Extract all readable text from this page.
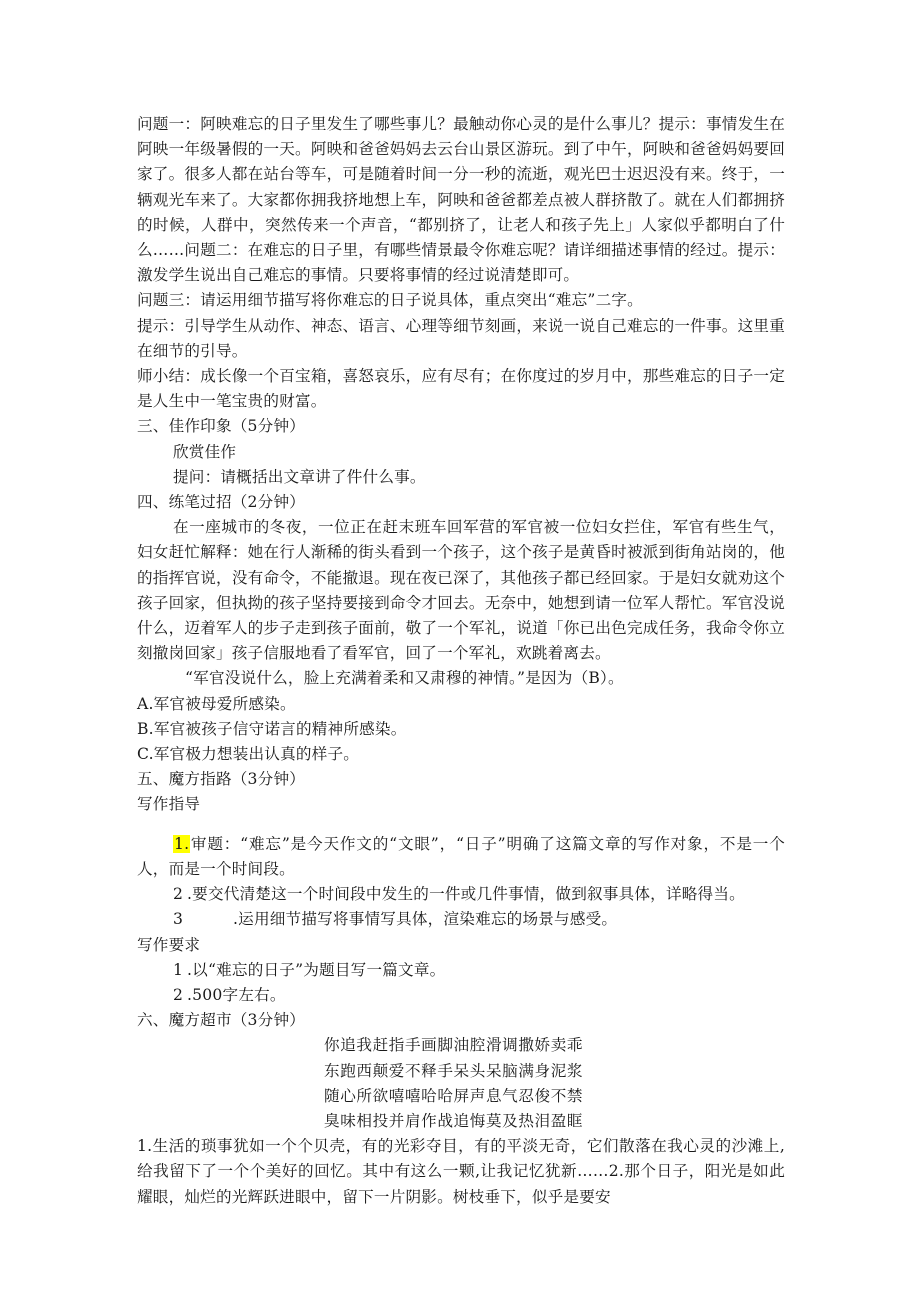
问题一：阿映难忘的日子里发生了哪些事儿？最触动你心灵的是什么事儿？提示：事情发生在阿映一年级暑假的一天。阿映和爸爸妈妈去云台山景区游玩。到了中午，阿映和爸爸妈妈要回家了。很多人都在站台等车，可是随着时间一分一秒的流逝，观光巴士迟迟没有来。终于，一辆观光车来了。大家都你拥我挤地想上车，阿映和爸爸都差点被人群挤散了。就在人们都拥挤的时候，人群中，突然传来一个声音，“都别挤了，让老人和孩子先上」人家似乎都明白了什么……问题二：在难忘的日子里，有哪些情景最令你难忘呢？请详细描述事情的经过。提示：激发学生说出自己难忘的事情。只要将事情的经过说清楚即可。

问题三：请运用细节描写将你难忘的日子说具体，重点突出“难忘”二字。

提示：引导学生从动作、神态、语言、心理等细节刻画，来说一说自己难忘的一件事。这里重在细节的引导。

师小结：成长像一个百宝箱，喜怒哀乐，应有尽有；在你度过的岁月中，那些难忘的日子一定是人生中一笔宝贵的财富。

三、佳作印象（5分钟）

欣赏佳作

提问：请概括出文章讲了件什么事。

四、练笔过招（2分钟）

在一座城市的冬夜，一位正在赶末班车回军营的军官被一位妇女拦住，军官有些生气，妇女赶忙解释：她在行人渐稀的街头看到一个孩子，这个孩子是黄昏时被派到街角站岗的，他的指挥官说，没有命令，不能撤退。现在夜已深了，其他孩子都已经回家。于是妇女就劝这个孩子回家，但执拗的孩子坚持要接到命令才回去。无奈中，她想到请一位军人帮忙。军官没说什么，迈着军人的步子走到孩子面前，敬了一个军礼，说道「你已出色完成任务，我命令你立刻撤岗回家」孩子信服地看了看军官，回了一个军礼，欢跳着离去。

“军官没说什么，脸上充满着柔和又肃穆的神情。”是因为（B）。

A.军官被母爱所感染。

B.军官被孩子信守诺言的精神所感染。

C.军官极力想装出认真的样子。

五、魔方指路（3分钟）

写作指导

1.审题：“难忘”是今天作文的“文眼”，“日子”明确了这篇文章的写作对象，不是一个人，而是一个时间段。

2 .要交代清楚这一个时间段中发生的一件或几件事情，做到叙事具体，详略得当。

3	.运用细节描写将事情写具体，渲染难忘的场景与感受。

写作要求

1 .以“难忘的日子”为题目写一篇文章。

2 .500字左右。

六、魔方超市（3分钟）

你追我赶指手画脚油腔滑调撒娇卖乖
东跑西颠爱不释手呆头呆脑满身泥浆
随心所欲嘻嘻哈哈屏声息气忍俊不禁
臭味相投并肩作战追悔莫及热泪盈眶

1.生活的琐事犹如一个个贝壳，有的光彩夺目，有的平淡无奇，它们散落在我心灵的沙滩上,给我留下了一个个美好的回忆。其中有这么一颗,让我记忆犹新……2.那个日子，阳光是如此耀眼，灿烂的光辉跃进眼中，留下一片阴影。树枝垂下，似乎是要安
